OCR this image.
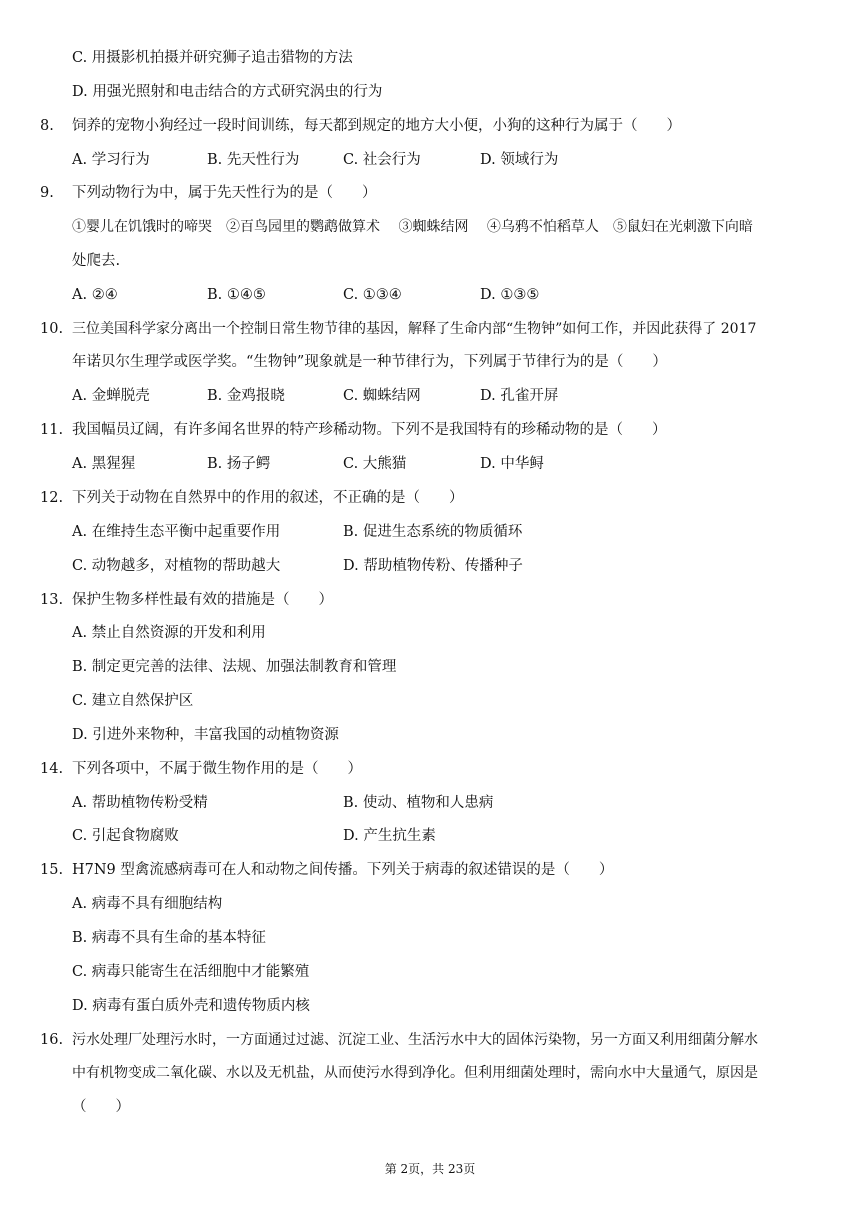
C. 用摄影机拍摄并研究狮子追击猎物的方法
D. 用强光照射和电击结合的方式研究涡虫的行为
8. 饲养的宠物小狗经过一段时间训练，每天都到规定的地方大小便，小狗的这种行为属于（　　）
A. 学习行为	B. 先天性行为	C. 社会行为	D. 领域行为
9. 下列动物行为中，属于先天性行为的是（　　）
①婴儿在饥饿时的啼哭　②百鸟园里的鹦鹉做算术　 ③蜘蛛结网　 ④乌鸦不怕稻草人　⑤鼠妇在光刺激下向暗
处爬去.
A. ②④	B. ①④⑤	C. ①③④	D. ①③⑤
10. 三位美国科学家分离出一个控制日常生物节律的基因，解释了生命内部“生物钟”如何工作，并因此获得了 2017
年诺贝尔生理学或医学奖。“生物钟”现象就是一种节律行为，下列属于节律行为的是（　　）
A. 金蝉脱壳	B. 金鸡报晓	C. 蜘蛛结网	D. 孔雀开屏
11. 我国幅员辽阔，有许多闻名世界的特产珍稀动物。下列不是我国特有的珍稀动物的是（　　）
A. 黑猩猩	B. 扬子鳄	C. 大熊猫	D. 中华鲟
12. 下列关于动物在自然界中的作用的叙述，不正确的是（　　）
A. 在维持生态平衡中起重要作用	B. 促进生态系统的物质循环
C. 动物越多，对植物的帮助越大	D. 帮助植物传粉、传播种子
13. 保护生物多样性最有效的措施是（　　）
A. 禁止自然资源的开发和利用
B. 制定更完善的法律、法规、加强法制教育和管理
C. 建立自然保护区
D. 引进外来物种，丰富我国的动植物资源
14. 下列各项中，不属于微生物作用的是（　　）
A. 帮助植物传粉受精	B. 使动、植物和人患病
C. 引起食物腐败	D. 产生抗生素
15. H7N9 型禽流感病毒可在人和动物之间传播。下列关于病毒的叙述错误的是（　　）
A. 病毒不具有细胞结构
B. 病毒不具有生命的基本特征
C. 病毒只能寄生在活细胞中才能繁殖
D. 病毒有蛋白质外壳和遗传物质内核
16. 污水处理厂处理污水时，一方面通过过滤、沉淀工业、生活污水中大的固体污染物，另一方面又利用细菌分解水
中有机物变成二氧化碳、水以及无机盐，从而使污水得到净化。但利用细菌处理时，需向水中大量通气，原因是
（　　）
第 2页，共 23页
